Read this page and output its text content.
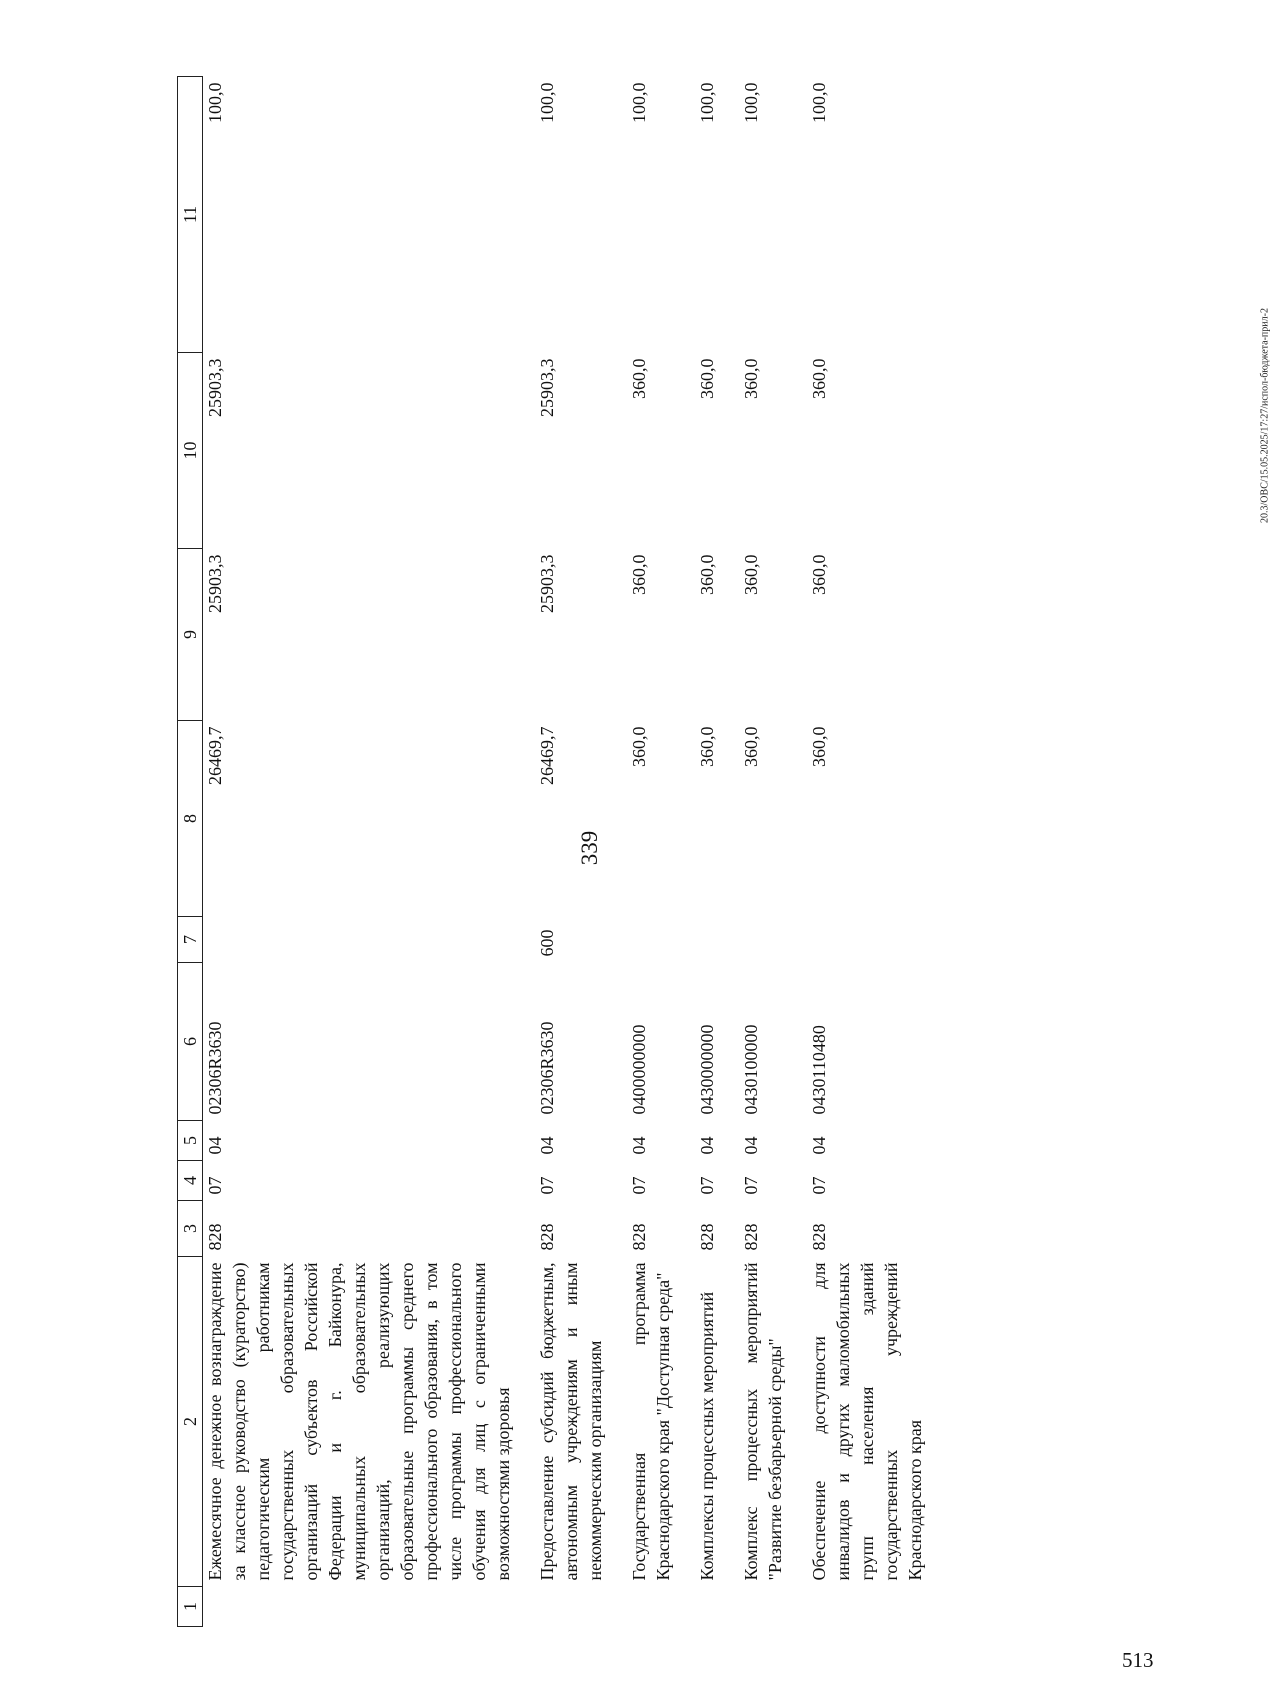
339
20.3/ОВС/15.05.2025/17:27/испол-бюджета-прил-2
513
1	2	3	4	5	6	7	8	9	10	11
	Ежемесячное денежное вознаграждение за классное руководство (кураторство) педагогическим работникам государственных образовательных организаций субъектов Российской Федерации и г. Байконура, муниципальных образовательных организаций, реализующих образовательные программы среднего профессионального образования, в том числе программы профессионального обучения для лиц с ограниченными возможностями здоровья	828	07	04	02306R3630		26469,7	25903,3	25903,3	100,0

	Предоставление субсидий бюджетным, автономным учреждениям и иным некоммерческим организациям	828	07	04	02306R3630	600	26469,7	25903,3	25903,3	100,0

	Государственная программа Краснодарского края "Доступная среда"	828	07	04	0400000000		360,0	360,0	360,0	100,0

	Комплексы процессных мероприятий	828	07	04	0430000000		360,0	360,0	360,0	100,0

	Комплекс процессных мероприятий "Развитие безбарьерной среды"	828	07	04	0430100000		360,0	360,0	360,0	100,0

	Обеспечение доступности для инвалидов и других маломобильных групп населения зданий государственных учреждений Краснодарского края	828	07	04	0430110480		360,0	360,0	360,0	100,0
